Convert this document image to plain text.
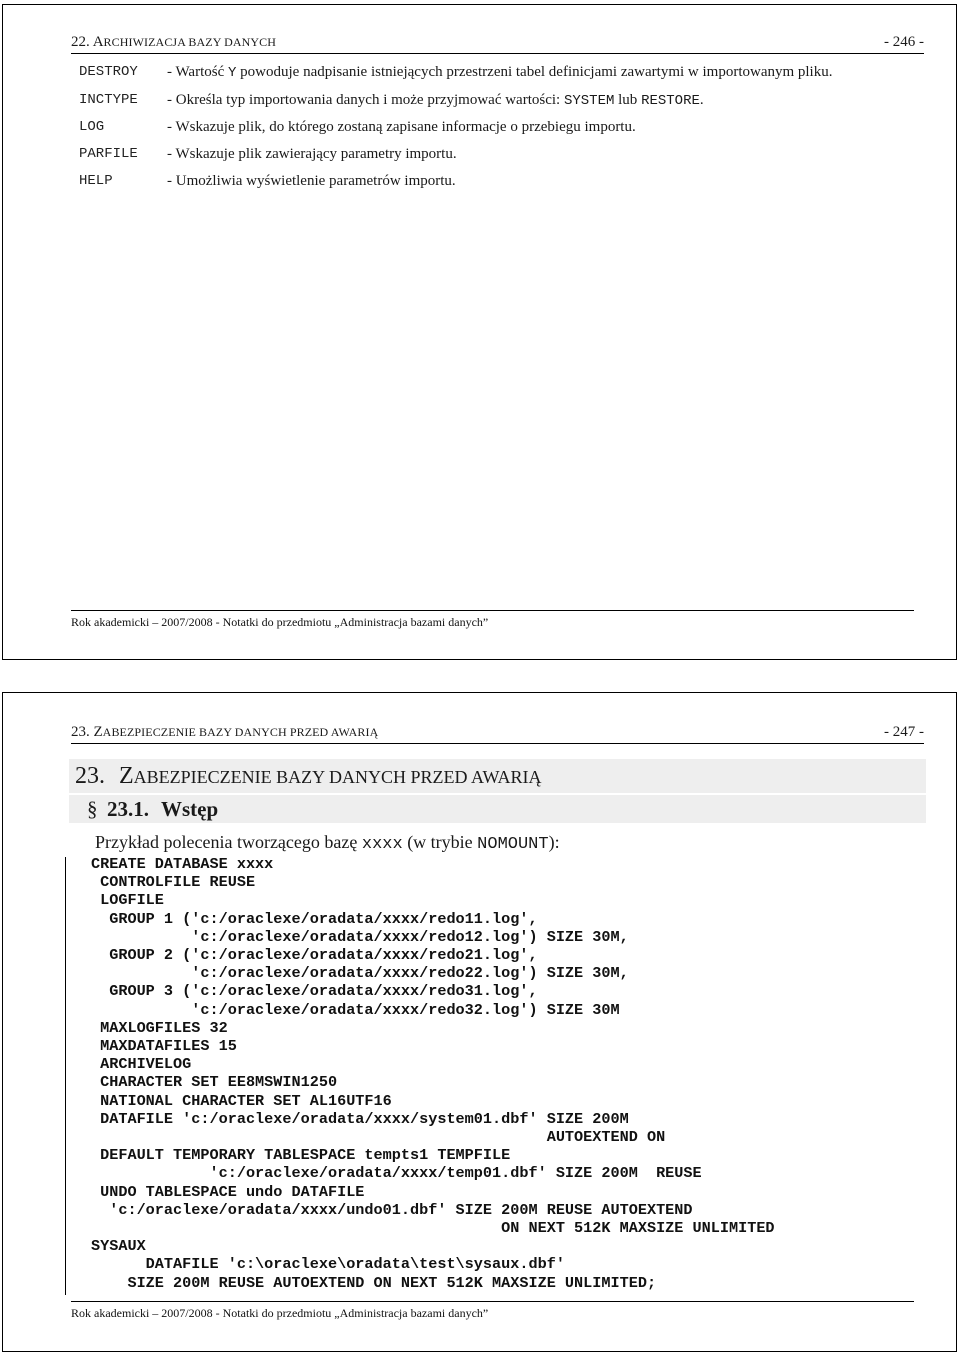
22. ARCHIWIZACJA BAZY DANYCH	- 246 -
DESTROY	- Wartość Y powoduje nadpisanie istniejących przestrzeni tabel definicjami zawartymi w importowanym pliku.
INCTYPE	- Określa typ importowania danych i może przyjmować wartości: SYSTEM lub RESTORE.
LOG	- Wskazuje plik, do którego zostaną zapisane informacje o przebiegu importu.
PARFILE	- Wskazuje plik zawierający parametry importu.
HELP	- Umożliwia wyświetlenie parametrów importu.
Rok akademicki – 2007/2008 - Notatki do przedmiotu „Administracja bazami danych”
23. ZABEZPIECZENIE BAZY DANYCH PRZED AWARIĄ	- 247 -
23. ZABEZPIECZENIE BAZY DANYCH PRZED AWARIĄ
§ 23.1. Wstęp
Przykład polecenia tworzącego bazę xxxx (w trybie NOMOUNT):
CREATE DATABASE xxxx
CONTROLFILE REUSE
LOGFILE
GROUP 1 ('c:/oraclexe/oradata/xxxx/redo11.log',
'c:/oraclexe/oradata/xxxx/redo12.log') SIZE 30M,
GROUP 2 ('c:/oraclexe/oradata/xxxx/redo21.log',
'c:/oraclexe/oradata/xxxx/redo22.log') SIZE 30M,
GROUP 3 ('c:/oraclexe/oradata/xxxx/redo31.log',
'c:/oraclexe/oradata/xxxx/redo32.log') SIZE 30M
MAXLOGFILES 32
MAXDATAFILES 15
ARCHIVELOG
CHARACTER SET EE8MSWIN1250
NATIONAL CHARACTER SET AL16UTF16
DATAFILE 'c:/oraclexe/oradata/xxxx/system01.dbf' SIZE 200M
AUTOEXTEND ON
DEFAULT TEMPORARY TABLESPACE tempts1 TEMPFILE
'c:/oraclexe/oradata/xxxx/temp01.dbf' SIZE 200M  REUSE
UNDO TABLESPACE undo DATAFILE
'c:/oraclexe/oradata/xxxx/undo01.dbf' SIZE 200M REUSE AUTOEXTEND
ON NEXT 512K MAXSIZE UNLIMITED
SYSAUX
DATAFILE 'c:\oraclexe\oradata\test\sysaux.dbf'
SIZE 200M REUSE AUTOEXTEND ON NEXT 512K MAXSIZE UNLIMITED;
Rok akademicki – 2007/2008 - Notatki do przedmiotu „Administracja bazami danych”
